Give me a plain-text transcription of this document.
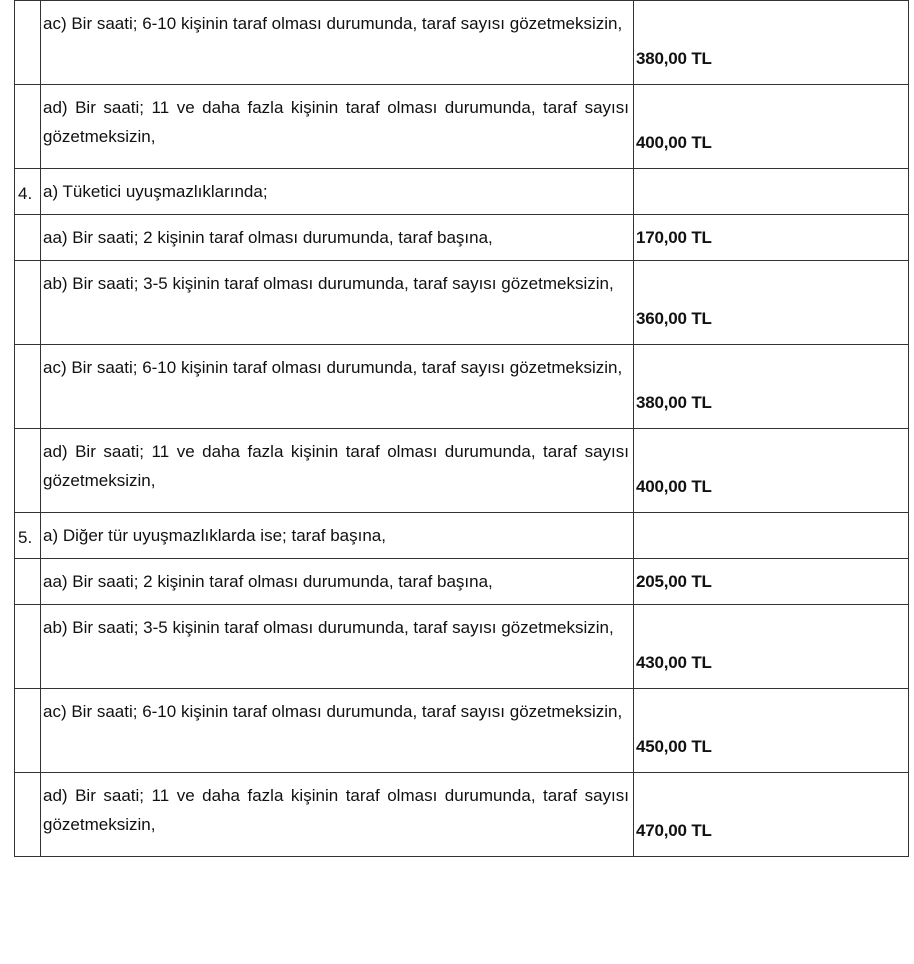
	ac) Bir saati; 6-10 kişinin taraf olması durumunda, taraf sayısı gözetmeksizin,	380,00 TL

	ad) Bir saati; 11 ve daha fazla kişinin taraf olması durumunda, taraf sayısı gözetmeksizin,	400,00 TL

4.	a) Tüketici uyuşmazlıklarında;	

	aa) Bir saati; 2 kişinin taraf olması durumunda, taraf başına,	170,00 TL

	ab) Bir saati; 3-5 kişinin taraf olması durumunda, taraf sayısı gözetmeksizin,	360,00 TL

	ac) Bir saati; 6-10 kişinin taraf olması durumunda, taraf sayısı gözetmeksizin,	380,00 TL

	ad) Bir saati; 11 ve daha fazla kişinin taraf olması durumunda, taraf sayısı gözetmeksizin,	400,00 TL

5.	a) Diğer tür uyuşmazlıklarda ise; taraf başına,	

	aa) Bir saati; 2 kişinin taraf olması durumunda, taraf başına,	205,00 TL

	ab) Bir saati; 3-5 kişinin taraf olması durumunda, taraf sayısı gözetmeksizin,	430,00 TL

	ac) Bir saati; 6-10 kişinin taraf olması durumunda, taraf sayısı gözetmeksizin,	450,00 TL

	ad) Bir saati; 11 ve daha fazla kişinin taraf olması durumunda, taraf sayısı gözetmeksizin,	470,00 TL
